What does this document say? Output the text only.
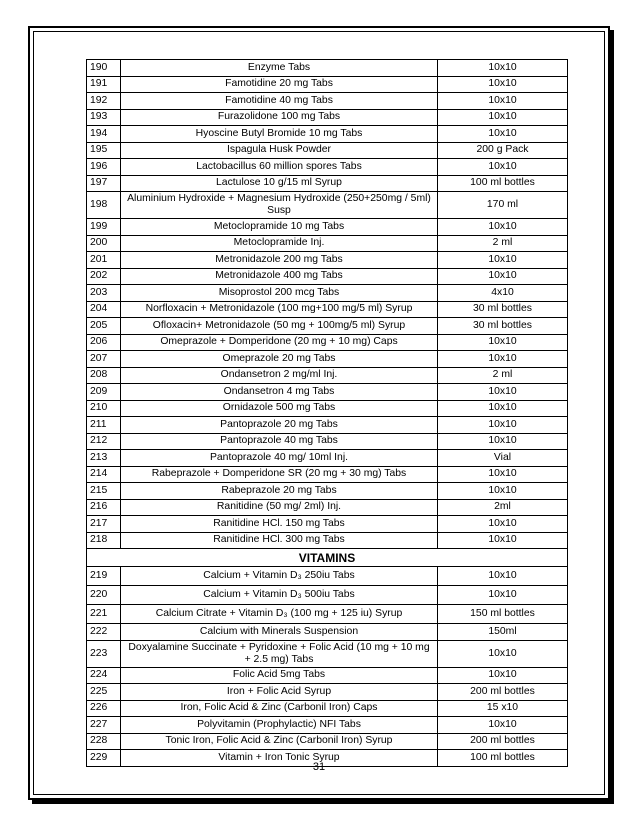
190	Enzyme Tabs	10x10
191	Famotidine 20 mg Tabs	10x10
192	Famotidine 40 mg Tabs	10x10
193	Furazolidone 100 mg Tabs	10x10
194	Hyoscine Butyl Bromide 10 mg Tabs	10x10
195	Ispagula Husk Powder	200 g Pack
196	Lactobacillus 60 million spores Tabs	10x10
197	Lactulose 10 g/15 ml Syrup	100 ml bottles
198	Aluminium Hydroxide + Magnesium Hydroxide (250+250mg / 5ml) Susp	170 ml
199	Metoclopramide 10 mg Tabs	10x10
200	Metoclopramide Inj.	2 ml
201	Metronidazole 200 mg Tabs	10x10
202	Metronidazole 400 mg Tabs	10x10
203	Misoprostol 200 mcg Tabs	4x10
204	Norfloxacin + Metronidazole (100 mg+100 mg/5 ml) Syrup	30 ml bottles
205	Ofloxacin+ Metronidazole (50 mg + 100mg/5 ml) Syrup	30 ml bottles
206	Omeprazole + Domperidone (20 mg + 10 mg) Caps	10x10
207	Omeprazole 20 mg Tabs	10x10
208	Ondansetron 2 mg/ml Inj.	2 ml
209	Ondansetron 4 mg Tabs	10x10
210	Ornidazole 500 mg Tabs	10x10
211	Pantoprazole 20 mg Tabs	10x10
212	Pantoprazole 40 mg Tabs	10x10
213	Pantoprazole 40 mg/ 10ml Inj.	Vial
214	Rabeprazole + Domperidone SR (20 mg + 30 mg) Tabs	10x10
215	Rabeprazole 20 mg Tabs	10x10
216	Ranitidine (50 mg/ 2ml) Inj.	2ml
217	Ranitidine HCl. 150 mg Tabs	10x10
218	Ranitidine HCl. 300 mg Tabs	10x10
VITAMINS		
219	Calcium + Vitamin D₃ 250iu Tabs	10x10
220	Calcium + Vitamin D₃ 500iu Tabs	10x10
221	Calcium Citrate + Vitamin D₃ (100 mg + 125 iu) Syrup	150 ml bottles
222	Calcium with Minerals Suspension	150ml
223	Doxyalamine Succinate + Pyridoxine + Folic Acid (10 mg + 10 mg + 2.5 mg) Tabs	10x10
224	Folic Acid 5mg Tabs	10x10
225	Iron + Folic Acid Syrup	200 ml bottles
226	Iron, Folic Acid & Zinc (Carbonil Iron) Caps	15 x10
227	Polyvitamin (Prophylactic) NFI Tabs	10x10
228	Tonic Iron, Folic Acid & Zinc (Carbonil Iron) Syrup	200 ml bottles
229	Vitamin + Iron Tonic Syrup	100 ml bottles
31
